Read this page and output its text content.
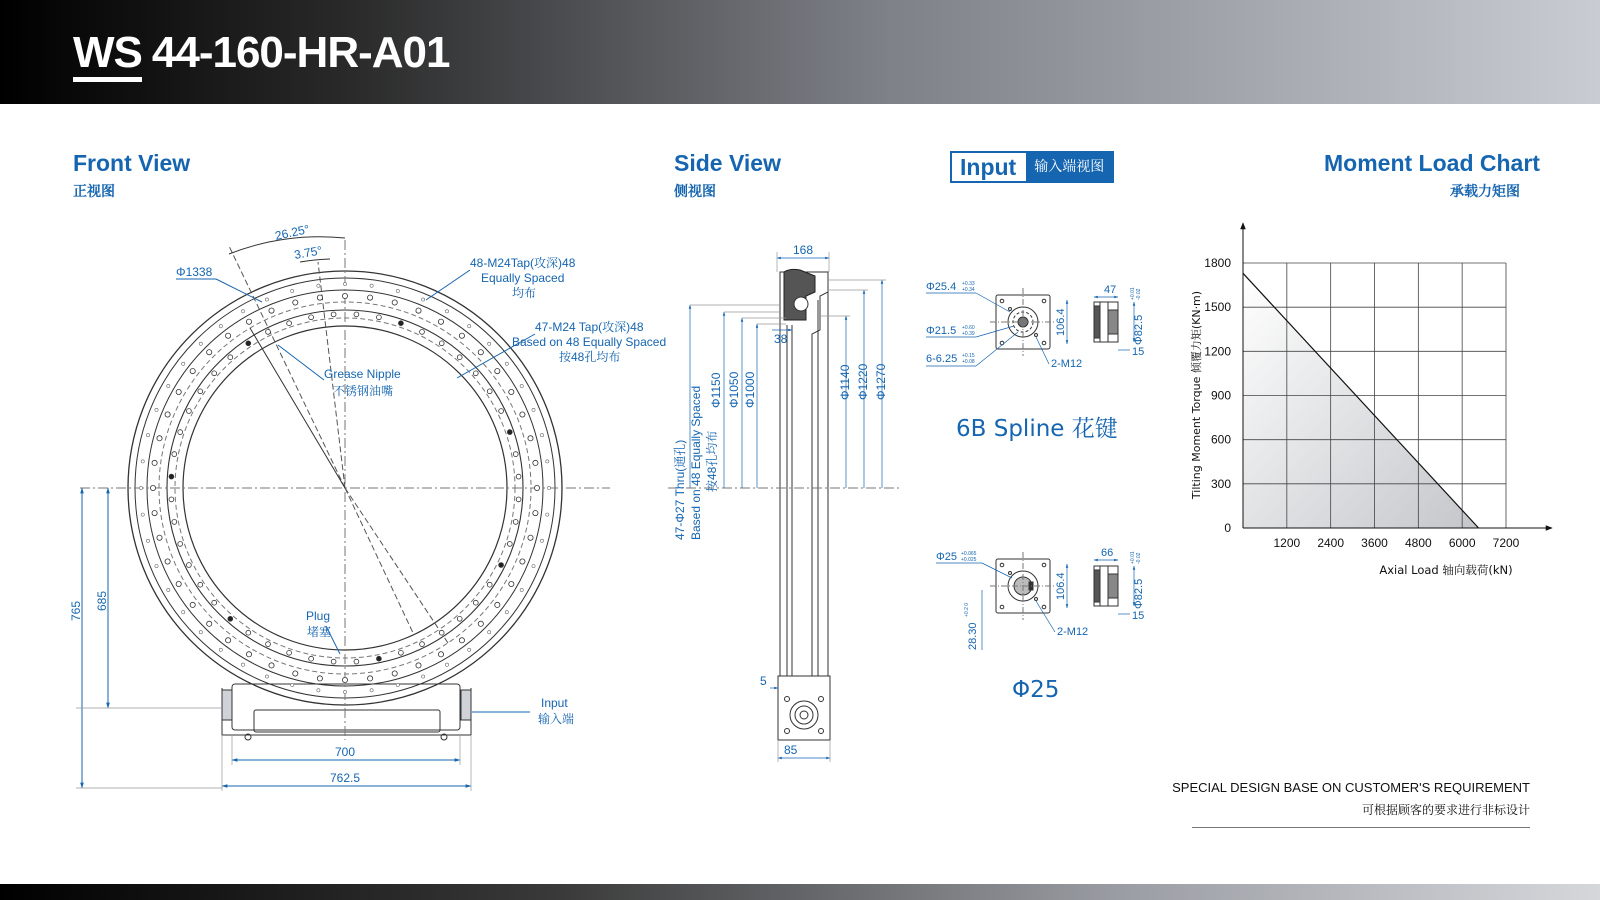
WS 44-160-HR-A01
Front View
正视图
Side View
侧视图
Input	输入端视图	Moment Load Chart
承载力矩图
26.25°
3.75°
Φ1338
48-M24Tap(攻深)48
Equally Spaced
均布
47-M24 Tap(攻深)48
Based on 48 Equally Spaced
按48孔均布
Grease Nipple
不锈钢油嘴
Plug
堵塞
Input
输入端
765 685
700
762.5
168
38
5
85
Φ1150 Φ1050 Φ1000
47-Φ27 Thru(通孔) Based on 48 Equally Spaced 按48孔均布
Φ1140 Φ1220 Φ1270
Φ25.4 +0.33
+0.34
Φ21.5 +0.60
+0.39
6-6.25 +0.15
+0.08	2-M12
106.4
47
Φ82.5
+0.01 -0.02
15
6B Spline 花键
Φ25 +0.065
+0.025
28.30
+0.2 0
2-M12
106.4
66
Φ82.5
+0.01 -0.02
15
Φ25
1200 2400 3600 4800 6000 7200
0
300
600
900
1200
1500
1800
Axial Load 轴向载荷(kN)
Tilting Moment Torque 倾覆力矩(KN·m)
SPECIAL DESIGN BASE ON CUSTOMER'S REQUIREMENT
可根据顾客的要求进行非标设计
